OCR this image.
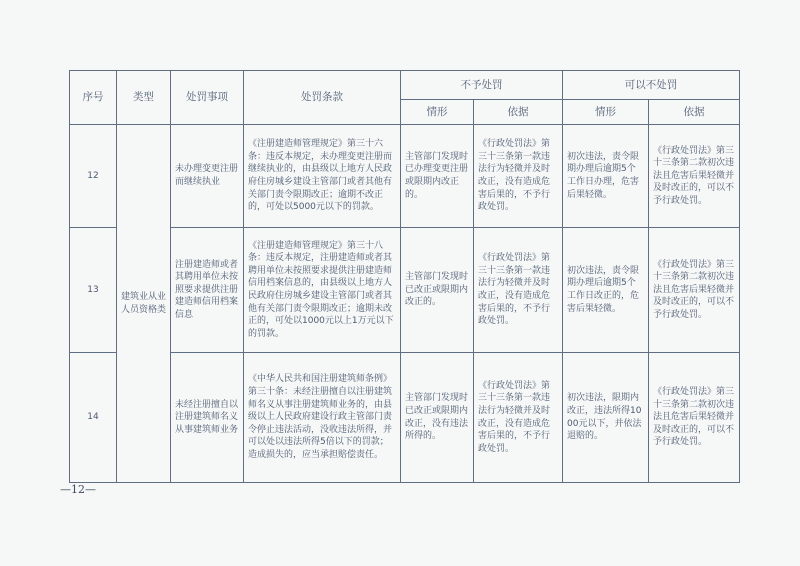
序号	类型	处罚事项	处罚条款	不予处罚		可以不处罚	
				情形	依据	情形	依据
12	建筑业从业人员资格类	未办理变更注册而继续执业	《注册建造师管理规定》第三十六条：违反本规定，未办理变更注册而继续执业的，由县级以上地方人民政府住房城乡建设主管部门或者其他有关部门责令限期改正；逾期不改正的，可处以5000元以下的罚款。	主管部门发现时已办理变更注册或限期内改正的。	《行政处罚法》第三十三条第一款违法行为轻微并及时改正，没有造成危害后果的，不予行政处罚。	初次违法，责令限期办理后逾期5个工作日办理，危害后果轻微。	《行政处罚法》第三十三条第二款初次违法且危害后果轻微并及时改正的，可以不予行政处罚。
13		注册建造师或者其聘用单位未按照要求提供注册建造师信用档案信息	《注册建造师管理规定》第三十八条：违反本规定，注册建造师或者其聘用单位未按照要求提供注册建造师信用档案信息的，由县级以上地方人民政府住房城乡建设主管部门或者其他有关部门责令限期改正；逾期未改正的，可处以1000元以上1万元以下的罚款。	主管部门发现时已改正或限期内改正的。	《行政处罚法》第三十三条第一款违法行为轻微并及时改正，没有造成危害后果的，不予行政处罚。	初次违法，责令限期办理后逾期5个工作日改正的，危害后果轻微。	《行政处罚法》第三十三条第二款初次违法且危害后果轻微并及时改正的，可以不予行政处罚。
14		未经注册擅自以注册建筑师名义从事建筑师业务	《中华人民共和国注册建筑师条例》第三十条：未经注册擅自以注册建筑师名义从事注册建筑师业务的，由县级以上人民政府建设行政主管部门责令停止违法活动，没收违法所得，并可以处以违法所得5倍以下的罚款；造成损失的，应当承担赔偿责任。	主管部门发现时已改正或限期内改正，没有违法所得的。	《行政处罚法》第三十三条第一款违法行为轻微并及时改正，没有造成危害后果的，不予行政处罚。	初次违法，限期内改正，违法所得1000元以下，并依法退赔的。	《行政处罚法》第三十三条第二款初次违法且危害后果轻微并及时改正的，可以不予行政处罚。
—12—
